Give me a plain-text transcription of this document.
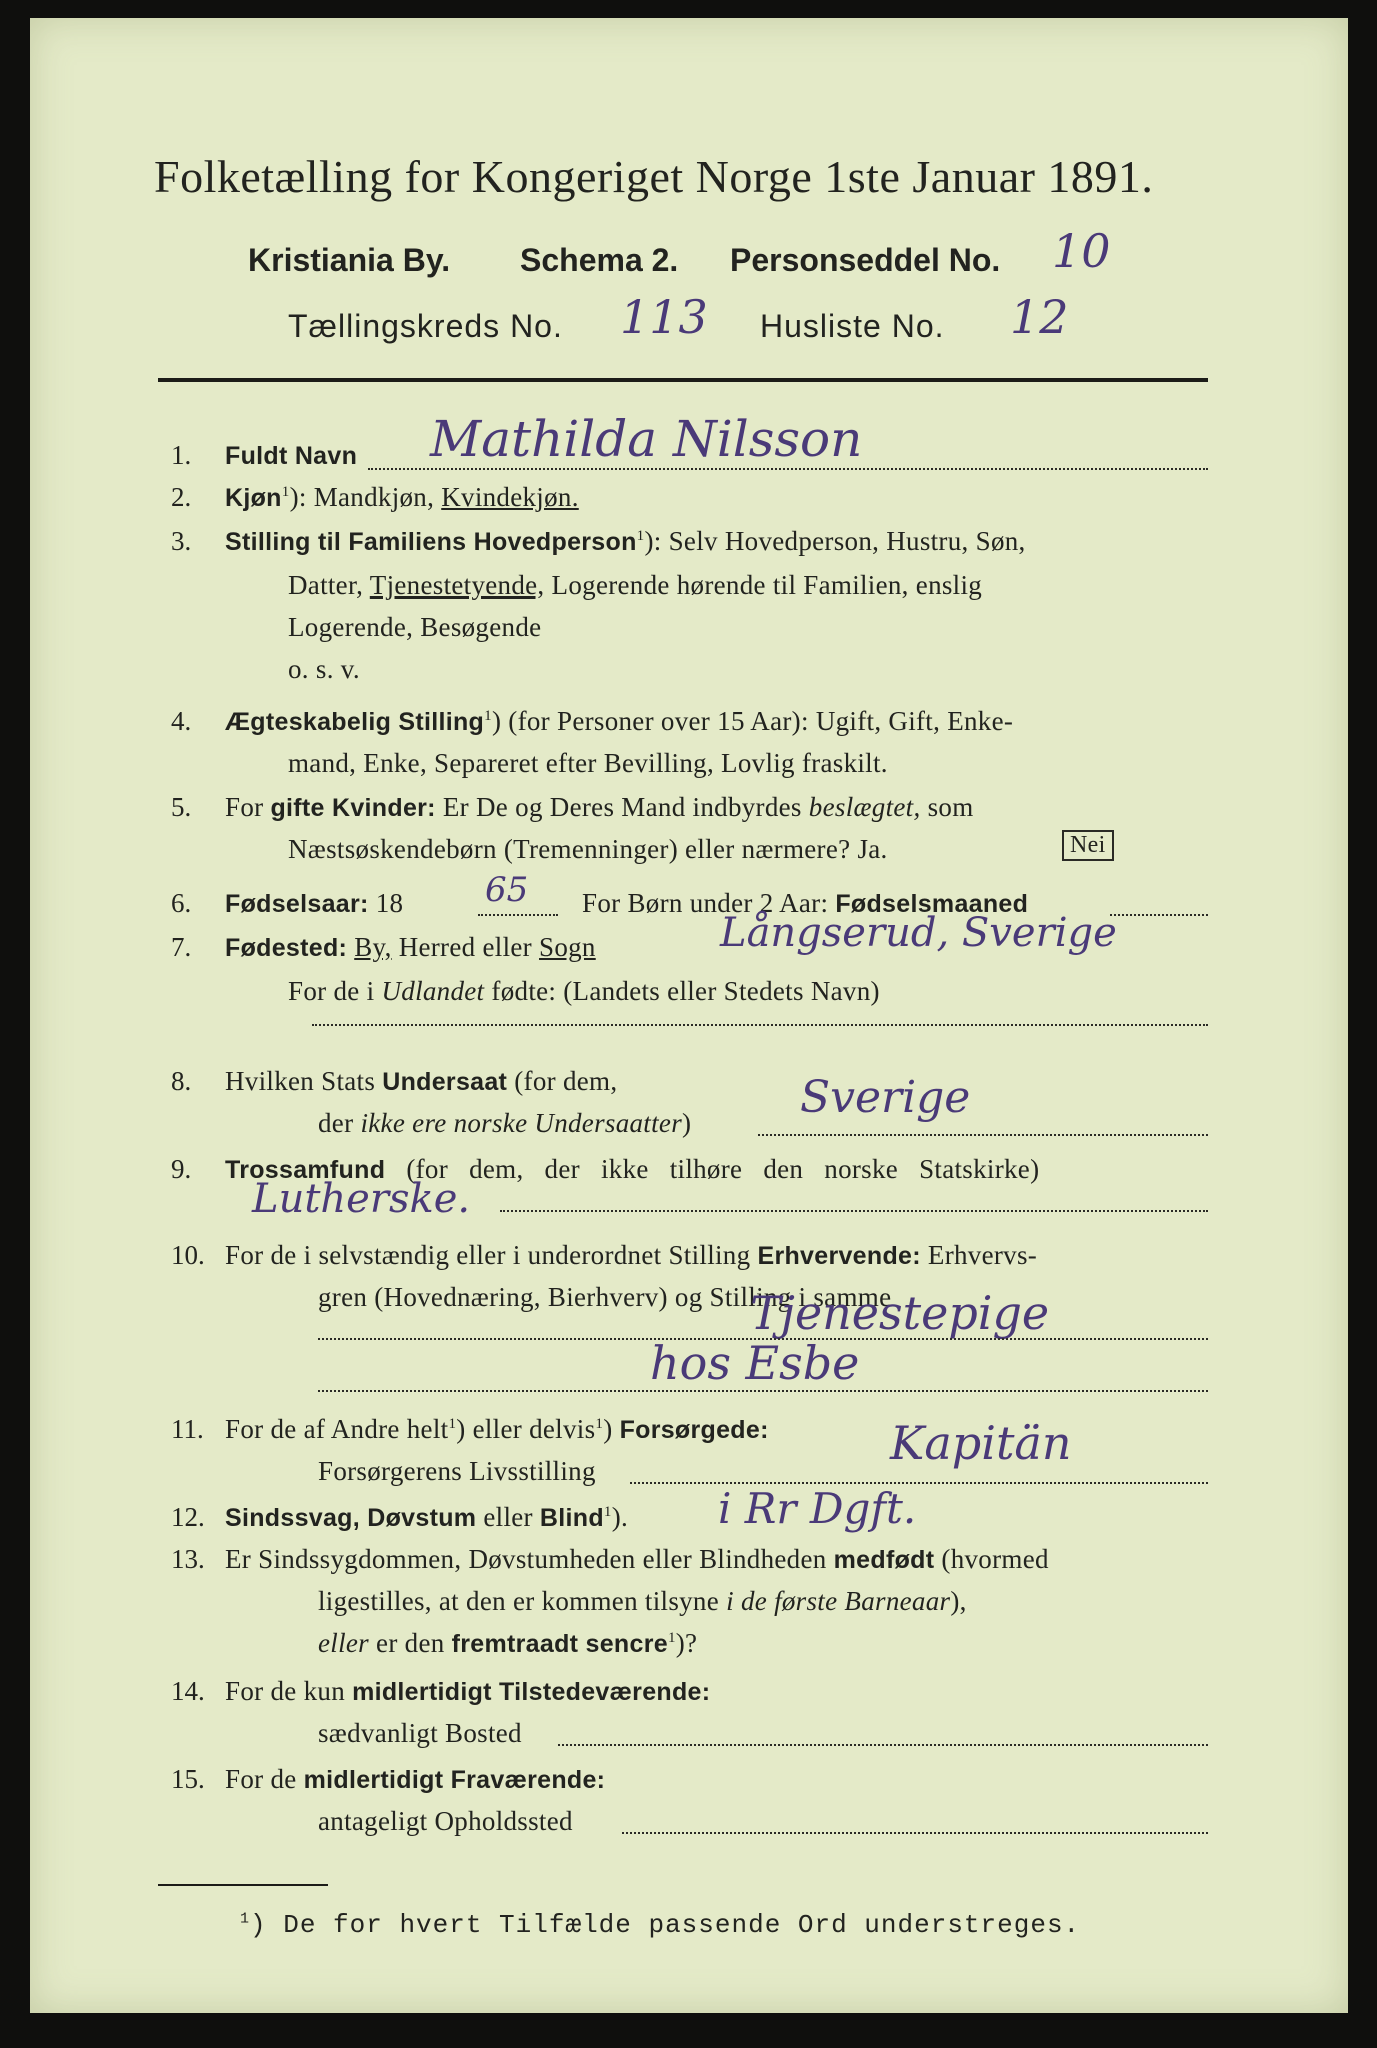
Folketælling for Kongeriget Norge 1ste Januar 1891.
Kristiania By. Schema 2. Personseddel No. 10
Tællingskreds No. 113 Husliste No. 12
1. Fuldt Navn Mathilda Nilsson
2. Kjøn$^1$): Mandkjøn, Kvindekjøn.
3. Stilling til Familiens Hovedperson$^1$): Selv Hovedperson, Hustru, Søn,
Datter, Tjenestetyende, Logerende hørende til Familien, enslig
Logerende, Besøgende
o. s. v.
4. Ægteskabelig Stilling$^1$) (for Personer over 15 Aar): Ugift, Gift, Enke-
mand, Enke, Separeret efter Bevilling, Lovlig fraskilt.
5. For gifte Kvinder: Er De og Deres Mand indbyrdes beslægtet, som
Næstsøskendebørn (Tremenninger) eller nærmere? Ja.	Nei
6. Fødselsaar: 18 65 For Børn under 2 Aar: Fødselsmaaned
7. Fødested: By, Herred eller Sogn	Långserud, Sverige
For de i Udlandet fødte: (Landets eller Stedets Navn)
8. Hvilken Stats Undersaat (for dem,
der ikke ere norske Undersaatter) Sverige
9. Trossamfund (for dem, der ikke tilhøre den norske Statskirke)
Lutherske.
10. For de i selvstændig eller i underordnet Stilling Erhvervende: Erhvervs-
gren (Hovednæring, Bierhverv) og Stilling i samme
Tjenestepige
hos Esbe
11. For de af Andre helt$^1$) eller delvis$^1$) Forsørgede:
Forsørgerens Livsstilling
Kapitän
12. Sindssvag, Døvstum eller Blind$^1$). i Rr Dgft.
13. Er Sindssygdommen, Døvstumheden eller Blindheden medfødt (hvormed
ligestilles, at den er kommen tilsyne i de første Barneaar),
eller er den fremtraadt sencre$^1$)?
14. For de kun midlertidigt Tilstedeværende:
sædvanligt Bosted
15. For de midlertidigt Fraværende:
antageligt Opholdssted
$^1$) De for hvert Tilfælde passende Ord understreges.
